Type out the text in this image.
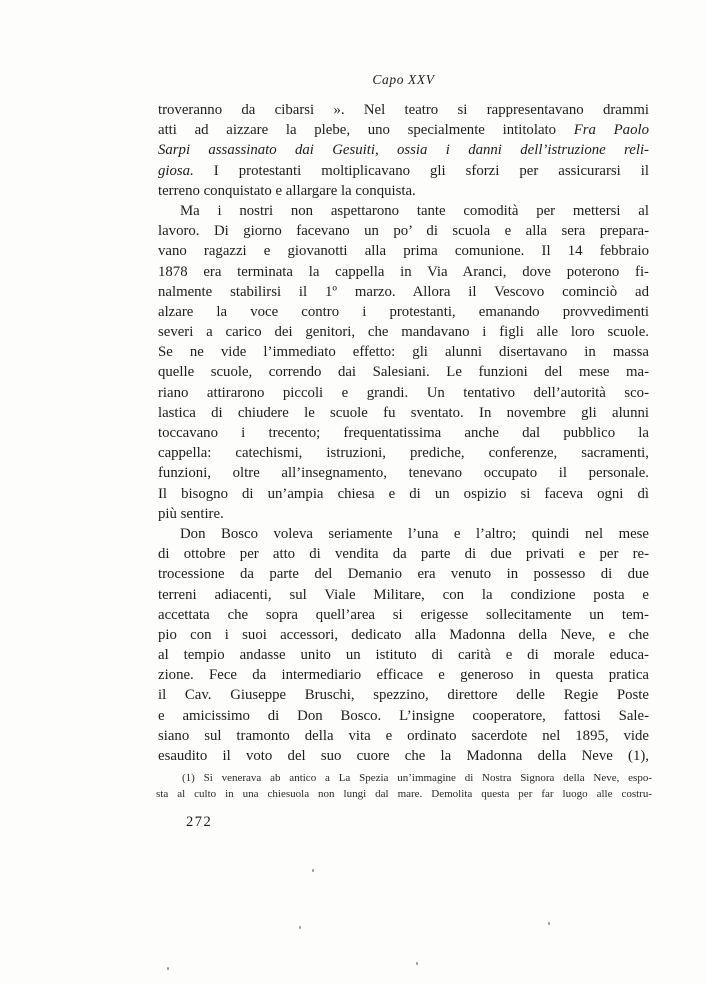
Capo XXV
troveranno da cibarsi ». Nel teatro si rappresentavano drammi
atti ad aizzare la plebe, uno specialmente intitolato Fra Paolo
Sarpi assassinato dai Gesuiti, ossia i danni dell’istruzione reli-
giosa. I protestanti moltiplicavano gli sforzi per assicurarsi il
terreno conquistato e allargare la conquista.
Ma i nostri non aspettarono tante comodità per mettersi al
lavoro. Di giorno facevano un po’ di scuola e alla sera prepara-
vano ragazzi e giovanotti alla prima comunione. Il 14 febbraio
1878 era terminata la cappella in Via Aranci, dove poterono fi-
nalmente stabilirsi il 1º marzo. Allora il Vescovo cominciò ad
alzare la voce contro i protestanti, emanando provvedimenti
severi a carico dei genitori, che mandavano i figli alle loro scuole.
Se ne vide l’immediato effetto: gli alunni disertavano in massa
quelle scuole, correndo dai Salesiani. Le funzioni del mese ma-
riano attirarono piccoli e grandi. Un tentativo dell’autorità sco-
lastica di chiudere le scuole fu sventato. In novembre gli alunni
toccavano i trecento; frequentatissima anche dal pubblico la
cappella: catechismi, istruzioni, prediche, conferenze, sacramenti,
funzioni, oltre all’insegnamento, tenevano occupato il personale.
Il bisogno di un’ampia chiesa e di un ospizio si faceva ogni dì
più sentire.
Don Bosco voleva seriamente l’una e l’altro; quindi nel mese
di ottobre per atto di vendita da parte di due privati e per re-
trocessione da parte del Demanio era venuto in possesso di due
terreni adiacenti, sul Viale Militare, con la condizione posta e
accettata che sopra quell’area si erigesse sollecitamente un tem-
pio con i suoi accessori, dedicato alla Madonna della Neve, e che
al tempio andasse unito un istituto di carità e di morale educa-
zione. Fece da intermediario efficace e generoso in questa pratica
il Cav. Giuseppe Bruschi, spezzino, direttore delle Regie Poste
e amicissimo di Don Bosco. L’insigne cooperatore, fattosi Sale-
siano sul tramonto della vita e ordinato sacerdote nel 1895, vide
esaudito il voto del suo cuore che la Madonna della Neve (1),
(1) Si venerava ab antico a La Spezia un’immagine di Nostra Signora della Neve, espo-
sta al culto in una chiesuola non lungi dal mare. Demolita questa per far luogo alle costru-
272
